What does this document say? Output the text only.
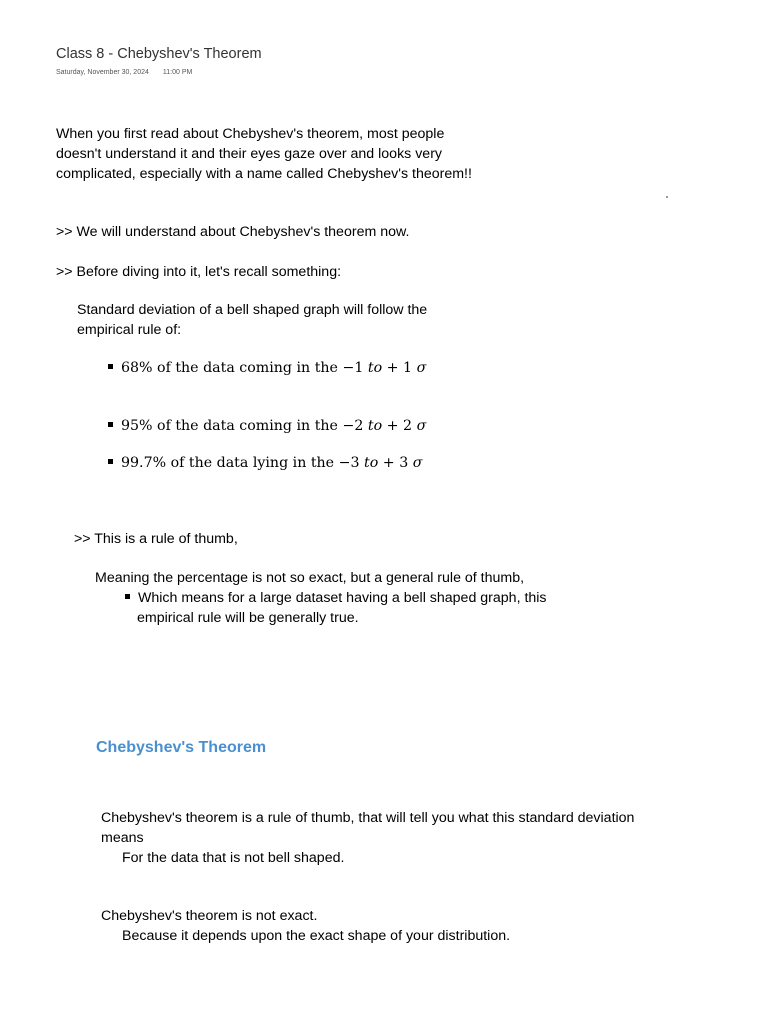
Class 8 - Chebyshev's Theorem
Saturday, November 30, 2024 11:00 PM
When you first read about Chebyshev's theorem, most people
doesn't understand it and their eyes gaze over and looks very
complicated, especially with a name called Chebyshev's theorem!!
>> We will understand about Chebyshev's theorem now.
>> Before diving into it, let's recall something:
Standard deviation of a bell shaped graph will follow the
empirical rule of:
68% of the data coming in the −1 to + 1 σ
95% of the data coming in the −2 to + 2 σ
99.7% of the data lying in the −3 to + 3 σ
>> This is a rule of thumb,
Meaning the percentage is not so exact, but a general rule of thumb,
Which means for a large dataset having a bell shaped graph, this
empirical rule will be generally true.
Chebyshev's Theorem
Chebyshev's theorem is a rule of thumb, that will tell you what this standard deviation
means
For the data that is not bell shaped.
Chebyshev's theorem is not exact.
Because it depends upon the exact shape of your distribution.
